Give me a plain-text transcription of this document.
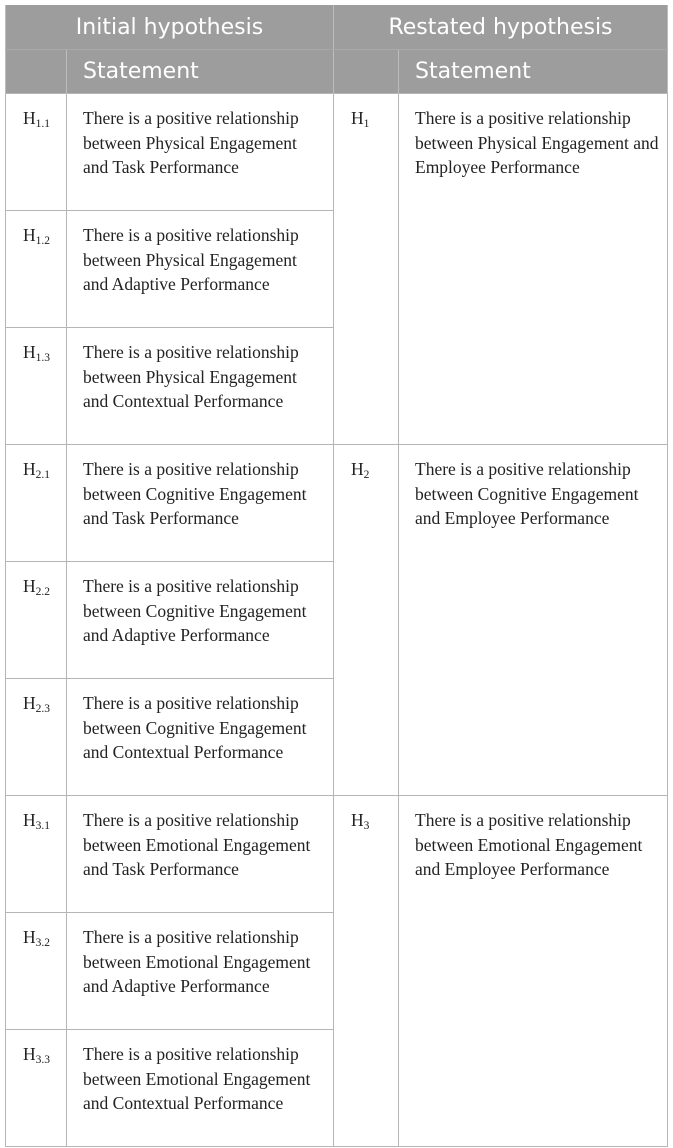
Initial hypothesis		Restated hypothesis	

	Statement		Statement

$H_{1.1}$	There is a positive relationship between Physical Engagement and Task Performance	$H_1$	There is a positive relationship between Physical Engagement and Employee Performance
$H_{1.2}$	There is a positive relationship between Physical Engagement and Adaptive Performance		
$H_{1.3}$	There is a positive relationship between Physical Engagement and Contextual Performance		
$H_{2.1}$	There is a positive relationship between Cognitive Engagement and Task Performance	$H_2$	There is a positive relationship between Cognitive Engagement and Employee Performance
$H_{2.2}$	There is a positive relationship between Cognitive Engagement and Adaptive Performance		
$H_{2.3}$	There is a positive relationship between Cognitive Engagement and Contextual Performance		
$H_{3.1}$	There is a positive relationship between Emotional Engagement and Task Performance	$H_3$	There is a positive relationship between Emotional Engagement and Employee Performance
$H_{3.2}$	There is a positive relationship between Emotional Engagement and Adaptive Performance		
$H_{3.3}$	There is a positive relationship between Emotional Engagement and Contextual Performance		
